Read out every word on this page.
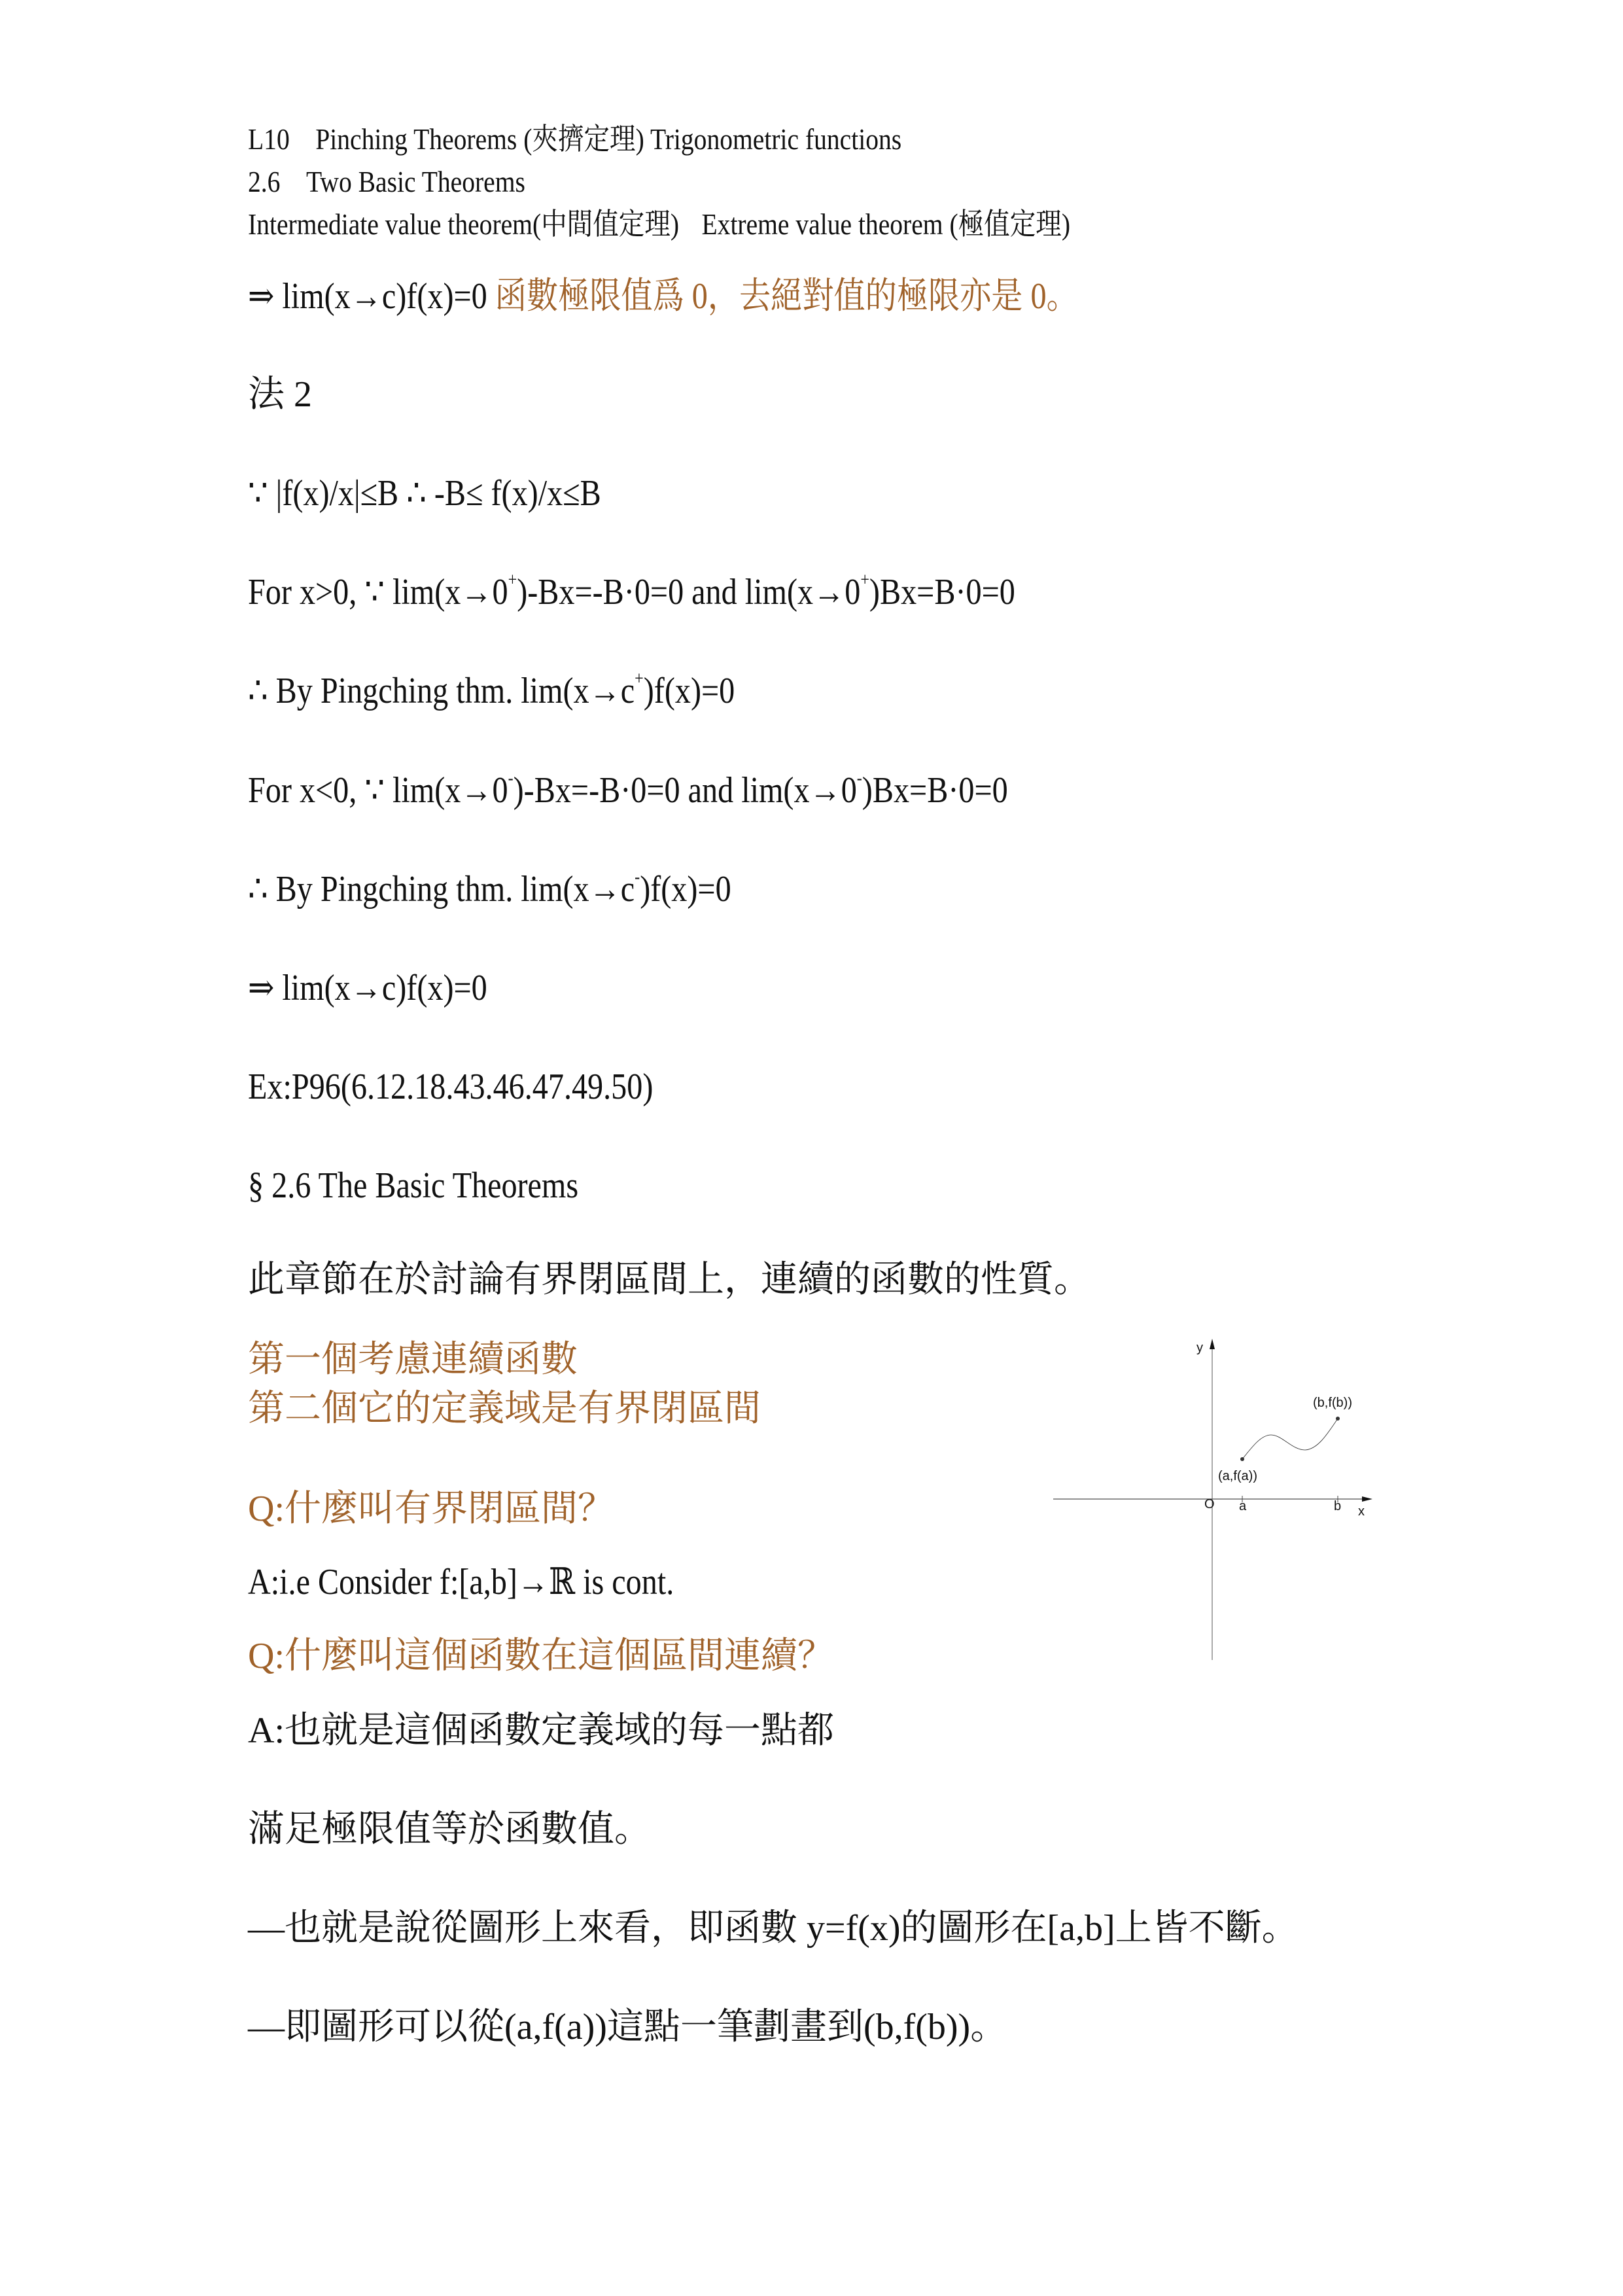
L10　Pinching Theorems (夾擠定理) Trigonometric functions
2.6　Two Basic Theorems
Intermediate value theorem(中間值定理) Extreme value theorem (極值定理)
⇒ lim(x→c)f(x)=0 函數極限值爲 0，去絕對值的極限亦是 0。
法 2
∵ |f(x)/x|≤B ∴ -B≤ f(x)/x≤B
For x>0, ∵ lim(x→0+)-Bx=-B·0=0 and lim(x→0+)Bx=B·0=0
∴ By Pingching thm. lim(x→c+)f(x)=0
For x<0, ∵ lim(x→0-)-Bx=-B·0=0 and lim(x→0-)Bx=B·0=0
∴ By Pingching thm. lim(x→c-)f(x)=0
⇒ lim(x→c)f(x)=0
Ex:P96(6.12.18.43.46.47.49.50)
§ 2.6 The Basic Theorems
此章節在於討論有界閉區間上，連續的函數的性質。
第一個考慮連續函數
第二個它的定義域是有界閉區間
Q:什麼叫有界閉區間？
A:i.e Consider f:[a,b]→ℝ is cont.
Q:什麼叫這個函數在這個區間連續？
A:也就是這個函數定義域的每一點都
滿足極限值等於函數值。
—也就是說從圖形上來看，即函數 y=f(x)的圖形在[a,b]上皆不斷。
—即圖形可以從(a,f(a))這點一筆劃畫到(b,f(b))。
y
x
O a	b
(a,f(a))
(b,f(b))
